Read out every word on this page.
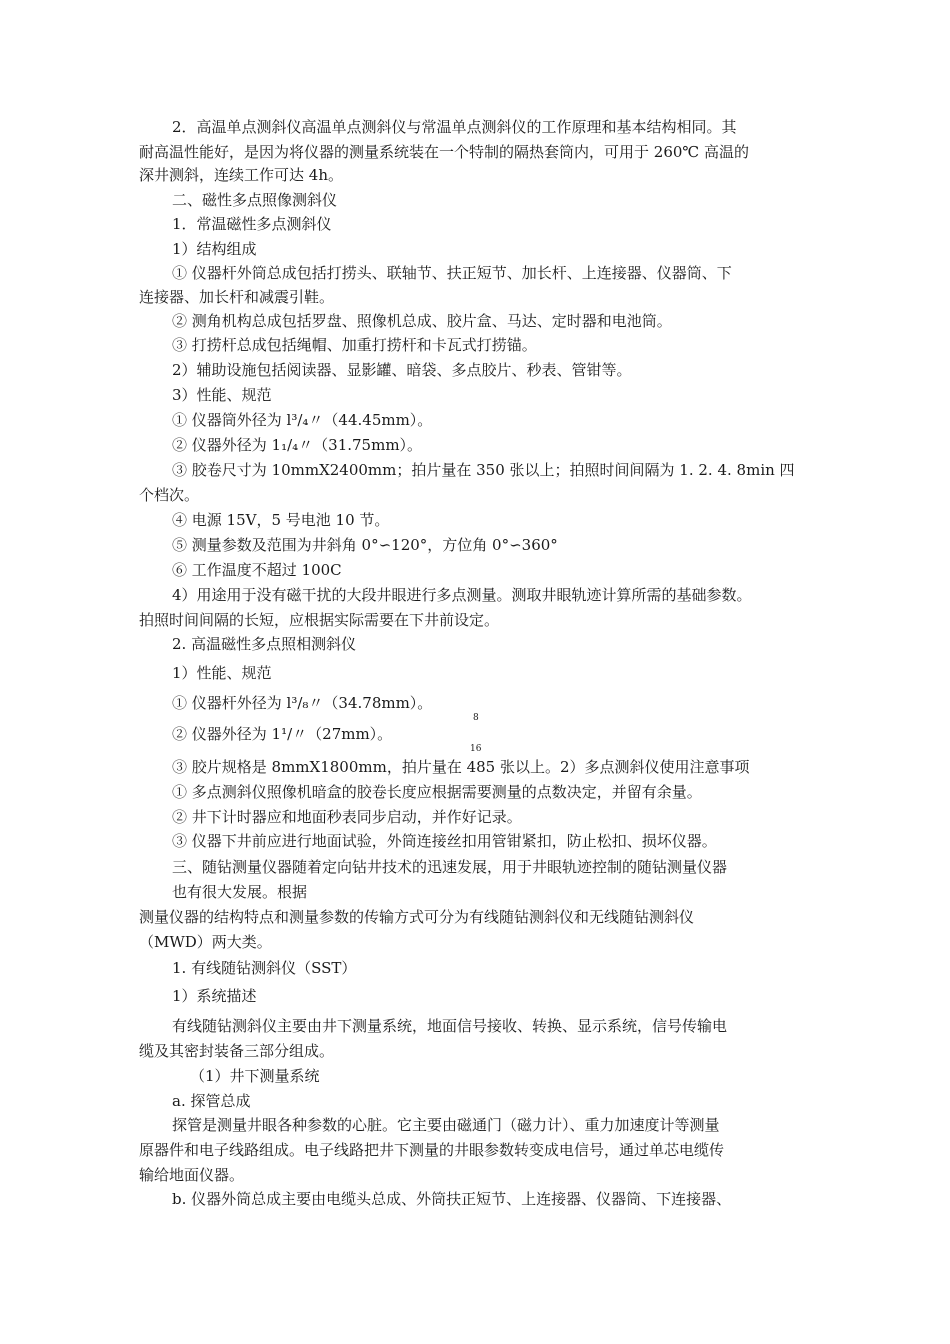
2．高温单点测斜仪高温单点测斜仪与常温单点测斜仪的工作原理和基本结构相同。其
耐高温性能好，是因为将仪器的测量系统装在一个特制的隔热套筒内，可用于 260℃ 高温的
深井测斜，连续工作可达 4h。
二、磁性多点照像测斜仪
1．常温磁性多点测斜仪
1）结构组成
① 仪器杆外筒总成包括打捞头、联轴节、扶正短节、加长杆、上连接器、仪器筒、下
连接器、加长杆和减震引鞋。
② 测角机构总成包括罗盘、照像机总成、胶片盒、马达、定时器和电池筒。
③ 打捞杆总成包括绳帽、加重打捞杆和卡瓦式打捞锚。
2）辅助设施包括阅读器、显影罐、暗袋、多点胶片、秒表、管钳等。
3）性能、规范
① 仪器筒外径为 l³/₄〃（44.45mm）。
② 仪器外径为 1₁/₄〃（31.75mm）。
③ 胶卷尺寸为 10mmX2400mm；拍片量在 350 张以上；拍照时间间隔为 1. 2. 4. 8min 四
个档次。
④ 电源 15V，5 号电池 10 节。
⑤ 测量参数及范围为井斜角 0°∽120°，方位角 0°∽360°
⑥ 工作温度不超过 100C
4）用途用于没有磁干扰的大段井眼进行多点测量。测取井眼轨迹计算所需的基础参数。
拍照时间间隔的长短，应根据实际需要在下井前设定。
2. 高温磁性多点照相测斜仪
1）性能、规范
① 仪器杆外径为 l³/₈〃（34.78mm）。
8
② 仪器外径为 1¹/〃（27mm）。
16
③ 胶片规格是 8mmX1800mm，拍片量在 485 张以上。2）多点测斜仪使用注意事项
① 多点测斜仪照像机暗盒的胶卷长度应根据需要测量的点数决定，并留有余量。
② 井下计时器应和地面秒表同步启动，并作好记录。
③ 仪器下井前应进行地面试验，外筒连接丝扣用管钳紧扣，防止松扣、损坏仪器。
三、随钻测量仪器随着定向钻井技术的迅速发展，用于井眼轨迹控制的随钻测量仪器
也有很大发展。根据
测量仪器的结构特点和测量参数的传输方式可分为有线随钻测斜仪和无线随钻测斜仪
（MWD）两大类。
1. 有线随钻测斜仪（SST）
1）系统描述
有线随钻测斜仪主要由井下测量系统，地面信号接收、转换、显示系统，信号传输电
缆及其密封装备三部分组成。
（1）井下测量系统
a. 探管总成
探管是测量井眼各种参数的心脏。它主要由磁通门（磁力计）、重力加速度计等测量
原器件和电子线路组成。电子线路把井下测量的井眼参数转变成电信号，通过单芯电缆传
输给地面仪器。
b. 仪器外筒总成主要由电缆头总成、外筒扶正短节、上连接器、仪器筒、下连接器、
